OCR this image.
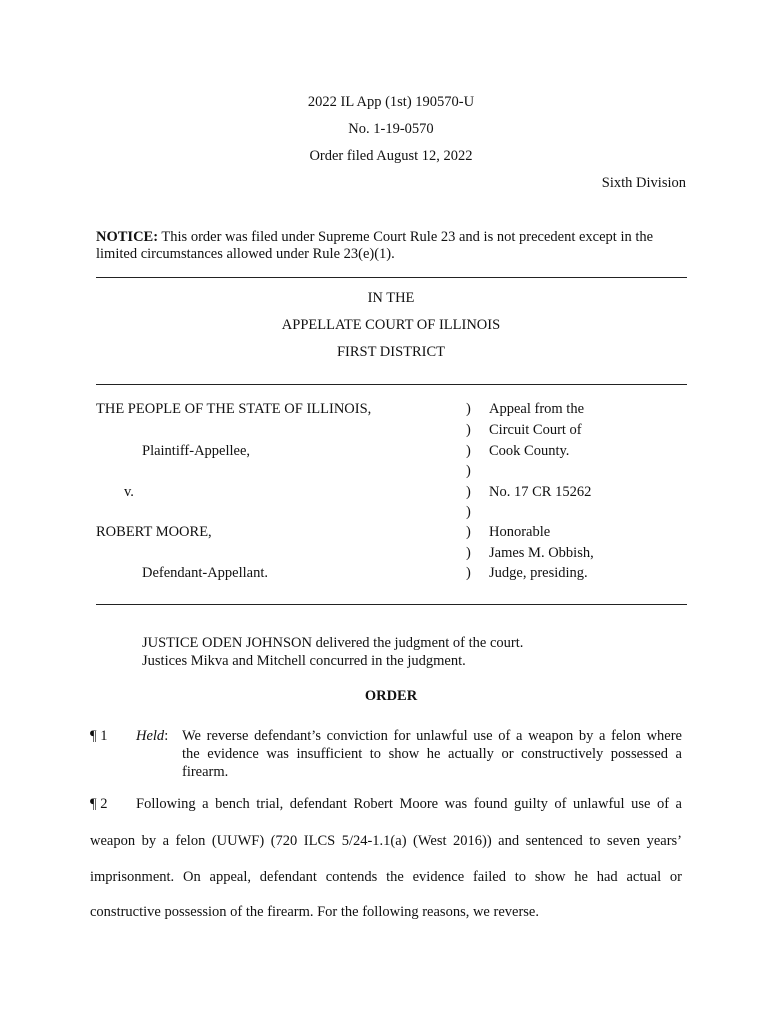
2022 IL App (1st) 190570-U
No. 1-19-0570
Order filed August 12, 2022
Sixth Division
NOTICE: This order was filed under Supreme Court Rule 23 and is not precedent except in the
limited circumstances allowed under Rule 23(e)(1).
IN THE
APPELLATE COURT OF ILLINOIS
FIRST DISTRICT
THE PEOPLE OF THE STATE OF ILLINOIS,
Plaintiff-Appellee,
v.
ROBERT MOORE,
Defendant-Appellant.
)
)
)
)
)
)
)
)
)
Appeal from the
Circuit Court of
Cook County.
No. 17 CR 15262
Honorable
James M. Obbish,
Judge, presiding.
JUSTICE ODEN JOHNSON delivered the judgment of the court.
Justices Mikva and Mitchell concurred in the judgment.
ORDER
¶ 1 Held: We reverse defendant’s conviction for unlawful use of a weapon by a felon where
the evidence was insufficient to show he actually or constructively possessed a
firearm.
¶ 2 Following a bench trial, defendant Robert Moore was found guilty of unlawful use of a
weapon by a felon (UUWF) (720 ILCS 5/24-1.1(a) (West 2016)) and sentenced to seven years’
imprisonment. On appeal, defendant contends the evidence failed to show he had actual or
constructive possession of the firearm. For the following reasons, we reverse.
